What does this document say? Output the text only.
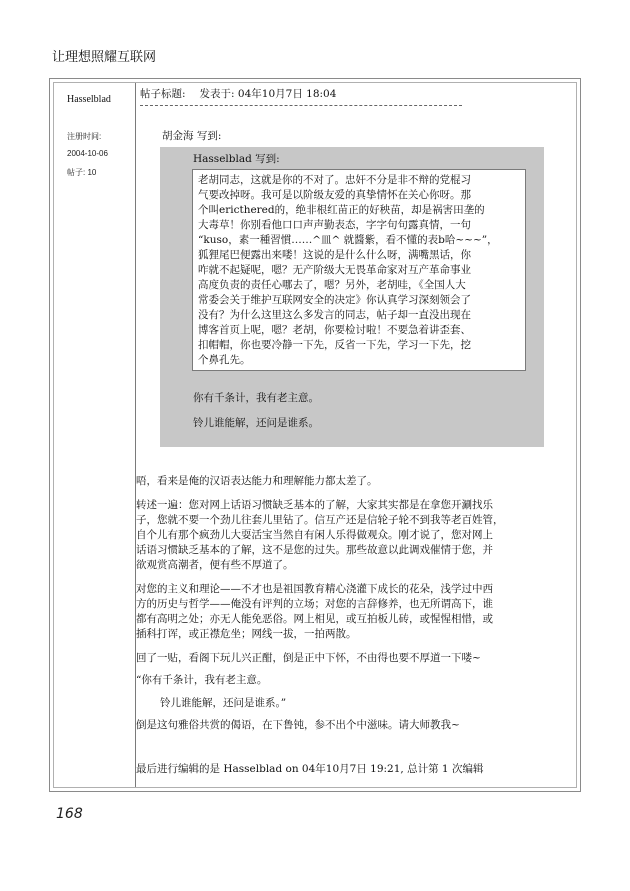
让理想照耀互联网
Hasselblad
注册时间:
2004-10-06
帖子: 10
帖子标题: 发表于: 04年10月7日 18:04
胡金海 写到:
Hasselblad 写到:
老胡同志，这就是你的不对了。忠奸不分是非不辩的党棍习
气要改掉呀。我可是以阶级友爱的真挚情怀在关心你呀。那
个叫ericthered的，绝非根红苗正的好秧苗，却是祸害田垄的
大毒草！你别看他口口声声勤表态，字字句句露真情，一句
“kuso，素一種習慣……^皿^ 就醬紫，看不懂的表b哈~~~”，
狐狸尾巴便露出来喽！这说的是什么什么呀，满嘴黑话，你
咋就不起疑呢，嗯？无产阶级大无畏革命家对互产革命事业
高度负责的责任心哪去了，嗯？另外，老胡哇，《全国人大
常委会关于维护互联网安全的决定》你认真学习深刻领会了
没有？为什么这里这么多发言的同志，帖子却一直没出现在
博客首页上呢，嗯？老胡，你要检讨啦！不要急着讲歪套、
扣帽帽，你也要冷静一下先，反省一下先，学习一下先，挖
个鼻孔先。
你有千条计，我有老主意。
铃儿谁能解，还问是谁系。
唔，看来是俺的汉语表达能力和理解能力都太差了。
转述一遍：您对网上话语习惯缺乏基本的了解，大家其实都是在拿您开涮找乐
子，您就不要一个劲儿往套儿里钻了。信互产还是信轮子轮不到我等老百姓管，
自个儿有那个疯劲儿大耍活宝当然自有闲人乐得做观众。刚才说了，您对网上
话语习惯缺乏基本的了解，这不是您的过失。那些故意以此调戏催情于您，并
欲观赏高潮者，便有些不厚道了。
对您的主义和理论——不才也是祖国教育精心浇灌下成长的花朵，浅学过中西
方的历史与哲学——俺没有评判的立场；对您的言辞修养，也无所谓高下，谁
都有高明之处；亦无人能免恶俗。网上相见，或互拍板儿砖，或惺惺相惜，或
插科打诨，或正襟危坐；网线一拔，一拍两散。
回了一贴，看阁下玩儿兴正酣，倒是正中下怀，不由得也要不厚道一下喽~
“你有千条计，我有老主意。
铃儿谁能解，还问是谁系。”
倒是这句雅俗共赏的偈语，在下鲁钝，参不出个中滋味。请大师教我~
最后进行编辑的是 Hasselblad on 04年10月7日 19:21, 总计第 1 次编辑
168
